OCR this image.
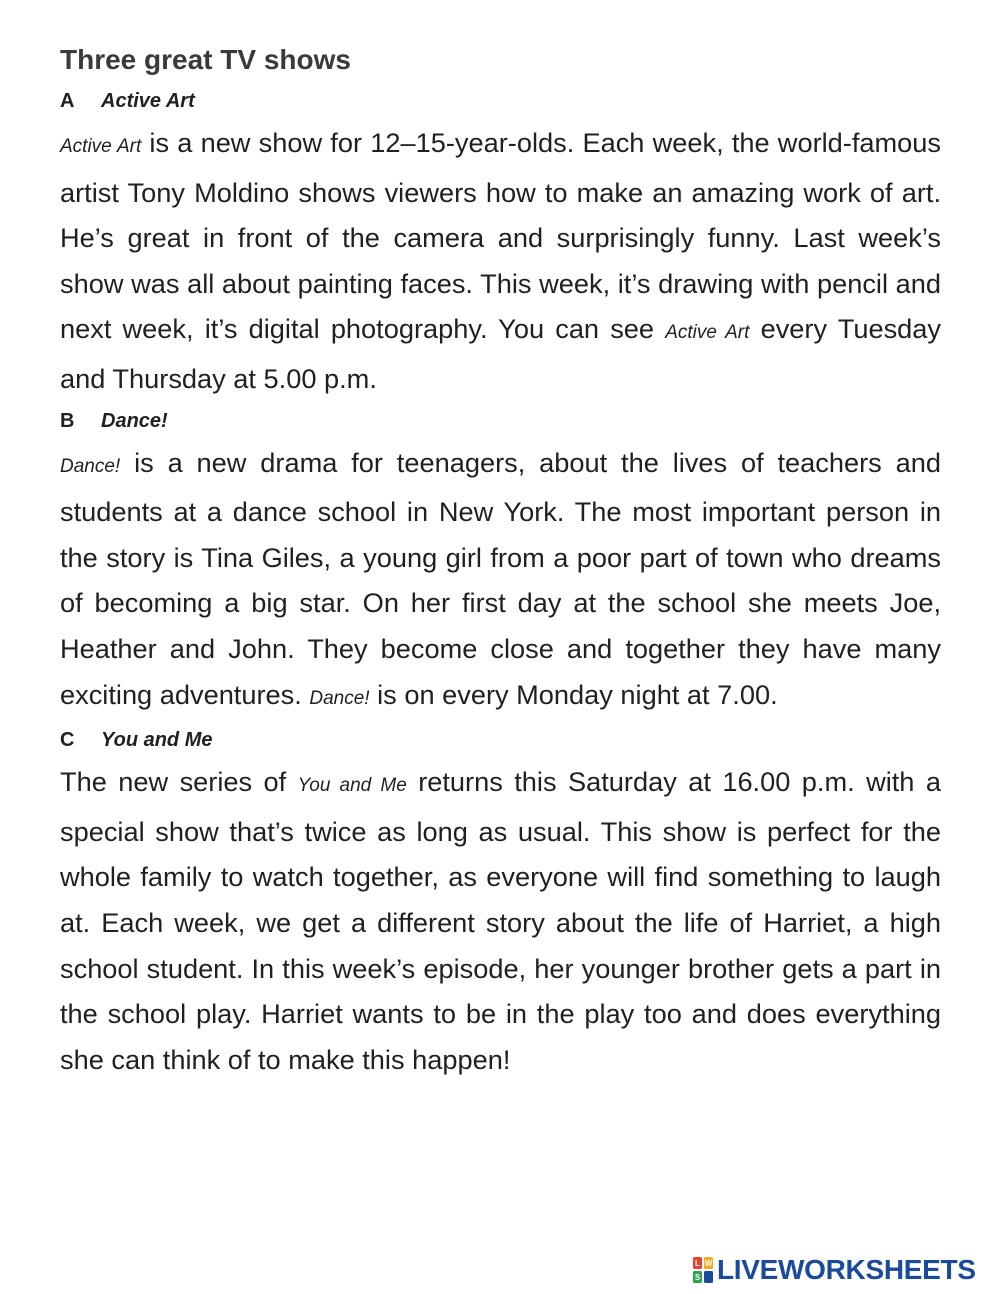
Three great TV shows
A Active Art

Active Art is a new show for 12–15-year-olds. Each week, the world-famous artist Tony Moldino shows viewers how to make an amazing work of art. He’s great in front of the camera and surprisingly funny. Last week’s show was all about painting faces. This week, it’s drawing with pencil and next week, it’s digital photography. You can see Active Art every Tuesday and Thursday at 5.00 p.m.

B Dance!

Dance! is a new drama for teenagers, about the lives of teachers and students at a dance school in New York. The most important person in the story is Tina Giles, a young girl from a poor part of town who dreams of becoming a big star. On her first day at the school she meets Joe, Heather and John. They become close and together they have many exciting adventures. Dance! is on every Monday night at 7.00.

C You and Me

The new series of You and Me returns this Saturday at 16.00 p.m. with a special show that’s twice as long as usual. This show is perfect for the whole family to watch together, as everyone will find something to laugh at. Each week, we get a different story about the life of Harriet, a high school student. In this week’s episode, her younger brother gets a part in the school play. Harriet wants to be in the play too and does everything she can think of to make this happen!

L W
S LIVEWORKSHEETS
